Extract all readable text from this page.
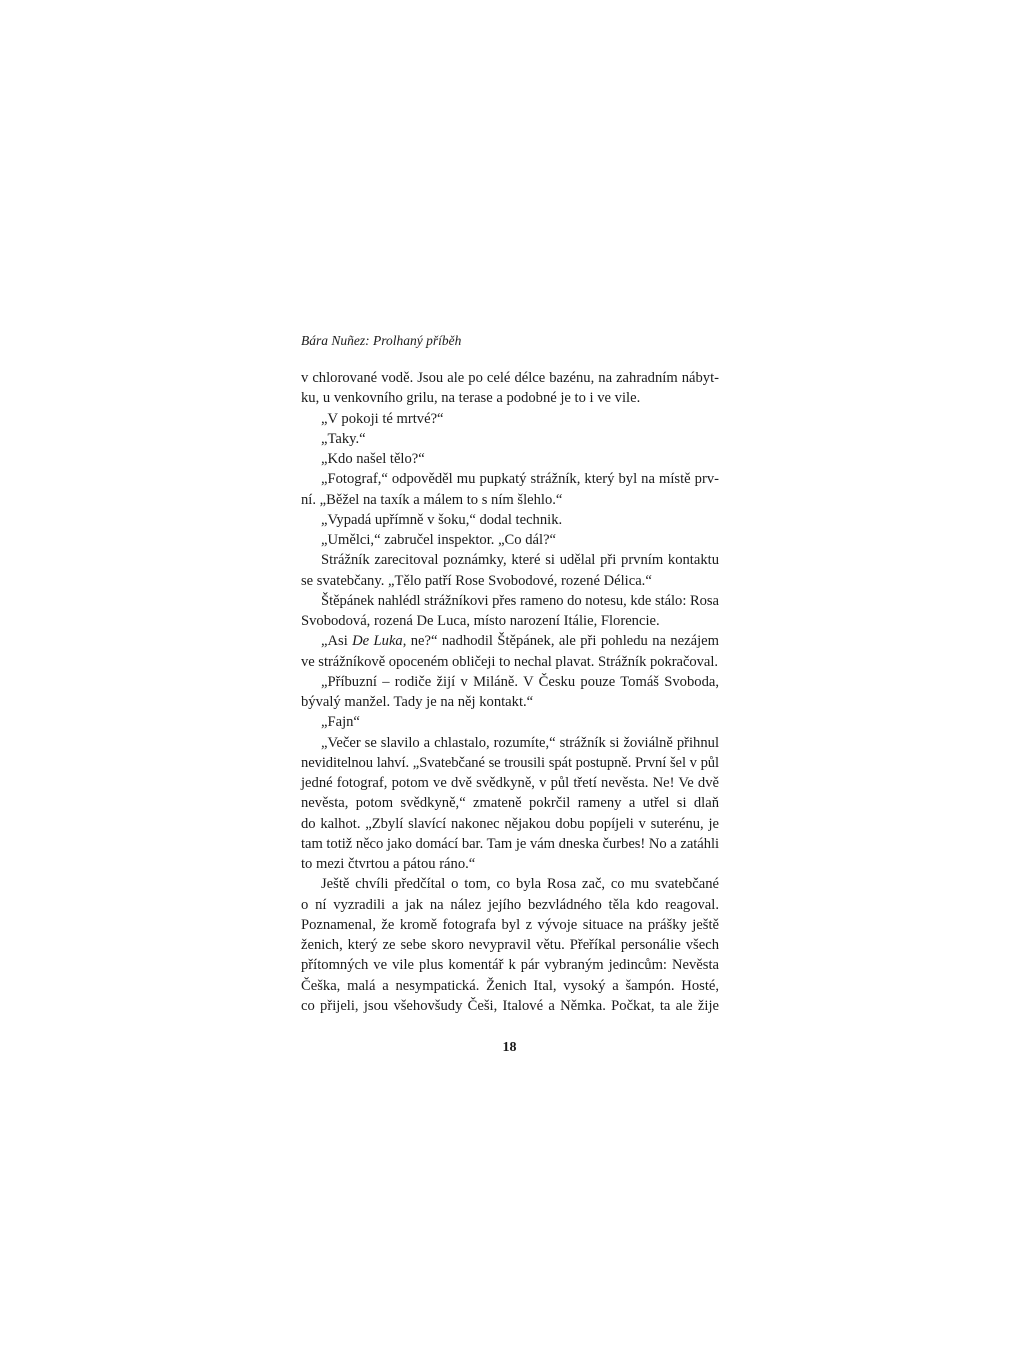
Bára Nuñez: Prolhaný příběh
v chlorované vodě. Jsou ale po celé délce bazénu, na zahradním nábyt-
ku, u venkovního grilu, na terase a podobné je to i ve vile.
„V pokoji té mrtvé?“
„Taky.“
„Kdo našel tělo?“
„Fotograf,“ odpověděl mu pupkatý strážník, který byl na místě prv-
ní. „Běžel na taxík a málem to s ním šlehlo.“
„Vypadá upřímně v šoku,“ dodal technik.
„Umělci,“ zabručel inspektor. „Co dál?“
Strážník zarecitoval poznámky, které si udělal při prvním kontaktu
se svatebčany. „Tělo patří Rose Svobodové, rozené Délica.“
Štěpánek nahlédl strážníkovi přes rameno do notesu, kde stálo: Rosa
Svobodová, rozená De Luca, místo narození Itálie, Florencie.
„Asi De Luka, ne?“ nadhodil Štěpánek, ale při pohledu na nezájem
ve strážníkově opoceném obličeji to nechal plavat. Strážník pokračoval.
„Příbuzní – rodiče žijí v Miláně. V Česku pouze Tomáš Svoboda,
bývalý manžel. Tady je na něj kontakt.“
„Fajn“
„Večer se slavilo a chlastalo, rozumíte,“ strážník si žoviálně přihnul
neviditelnou lahví. „Svatebčané se trousili spát postupně. První šel v půl
jedné fotograf, potom ve dvě svědkyně, v půl třetí nevěsta. Ne! Ve dvě
nevěsta, potom svědkyně,“ zmateně pokrčil rameny a utřel si dlaň
do kalhot. „Zbylí slavící nakonec nějakou dobu popíjeli v suterénu, je
tam totiž něco jako domácí bar. Tam je vám dneska čurbes! No a zatáhli
to mezi čtvrtou a pátou ráno.“
Ještě chvíli předčítal o tom, co byla Rosa zač, co mu svatebčané
o ní vyzradili a jak na nález jejího bezvládného těla kdo reagoval.
Poznamenal, že kromě fotografa byl z vývoje situace na prášky ještě
ženich, který ze sebe skoro nevypravil větu. Přeříkal personálie všech
přítomných ve vile plus komentář k pár vybraným jedincům: Nevěsta
Češka, malá a nesympatická. Ženich Ital, vysoký a šampón. Hosté,
co přijeli, jsou všehovšudy Češi, Italové a Němka. Počkat, ta ale žije
18
